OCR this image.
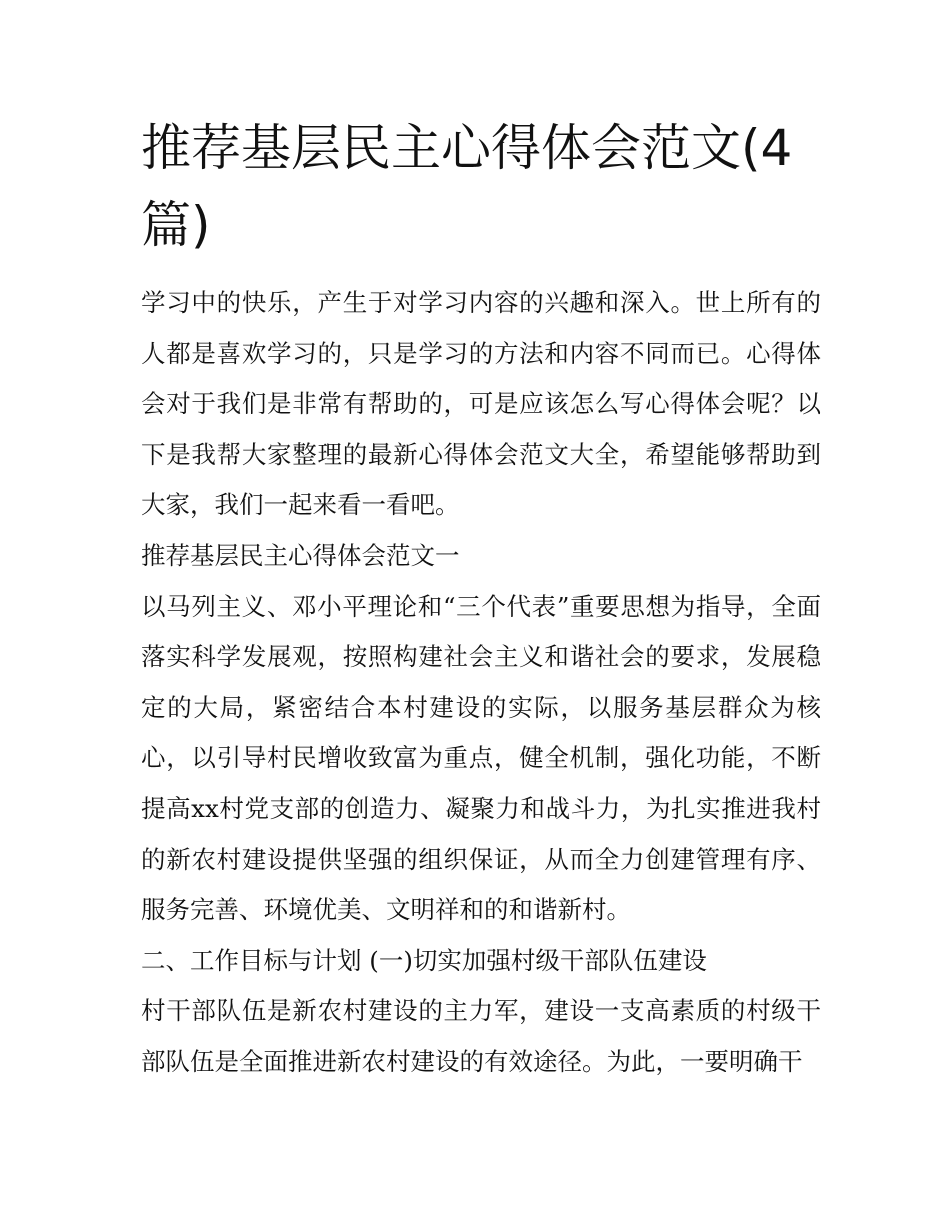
推荐基层民主心得体会范文(4篇)

学习中的快乐，产生于对学习内容的兴趣和深入。世上所有的人都是喜欢学习的，只是学习的方法和内容不同而已。心得体会对于我们是非常有帮助的，可是应该怎么写心得体会呢？以下是我帮大家整理的最新心得体会范文大全，希望能够帮助到大家，我们一起来看一看吧。

推荐基层民主心得体会范文一

以马列主义、邓小平理论和“三个代表”重要思想为指导，全面落实科学发展观，按照构建社会主义和谐社会的要求，发展稳定的大局，紧密结合本村建设的实际，以服务基层群众为核心，以引导村民增收致富为重点，健全机制，强化功能，不断提高xx村党支部的创造力、凝聚力和战斗力，为扎实推进我村的新农村建设提供坚强的组织保证，从而全力创建管理有序、服务完善、环境优美、文明祥和的和谐新村。

二、工作目标与计划 (一)切实加强村级干部队伍建设

村干部队伍是新农村建设的主力军，建设一支高素质的村级干部队伍是全面推进新农村建设的有效途径。为此，一要明确干
